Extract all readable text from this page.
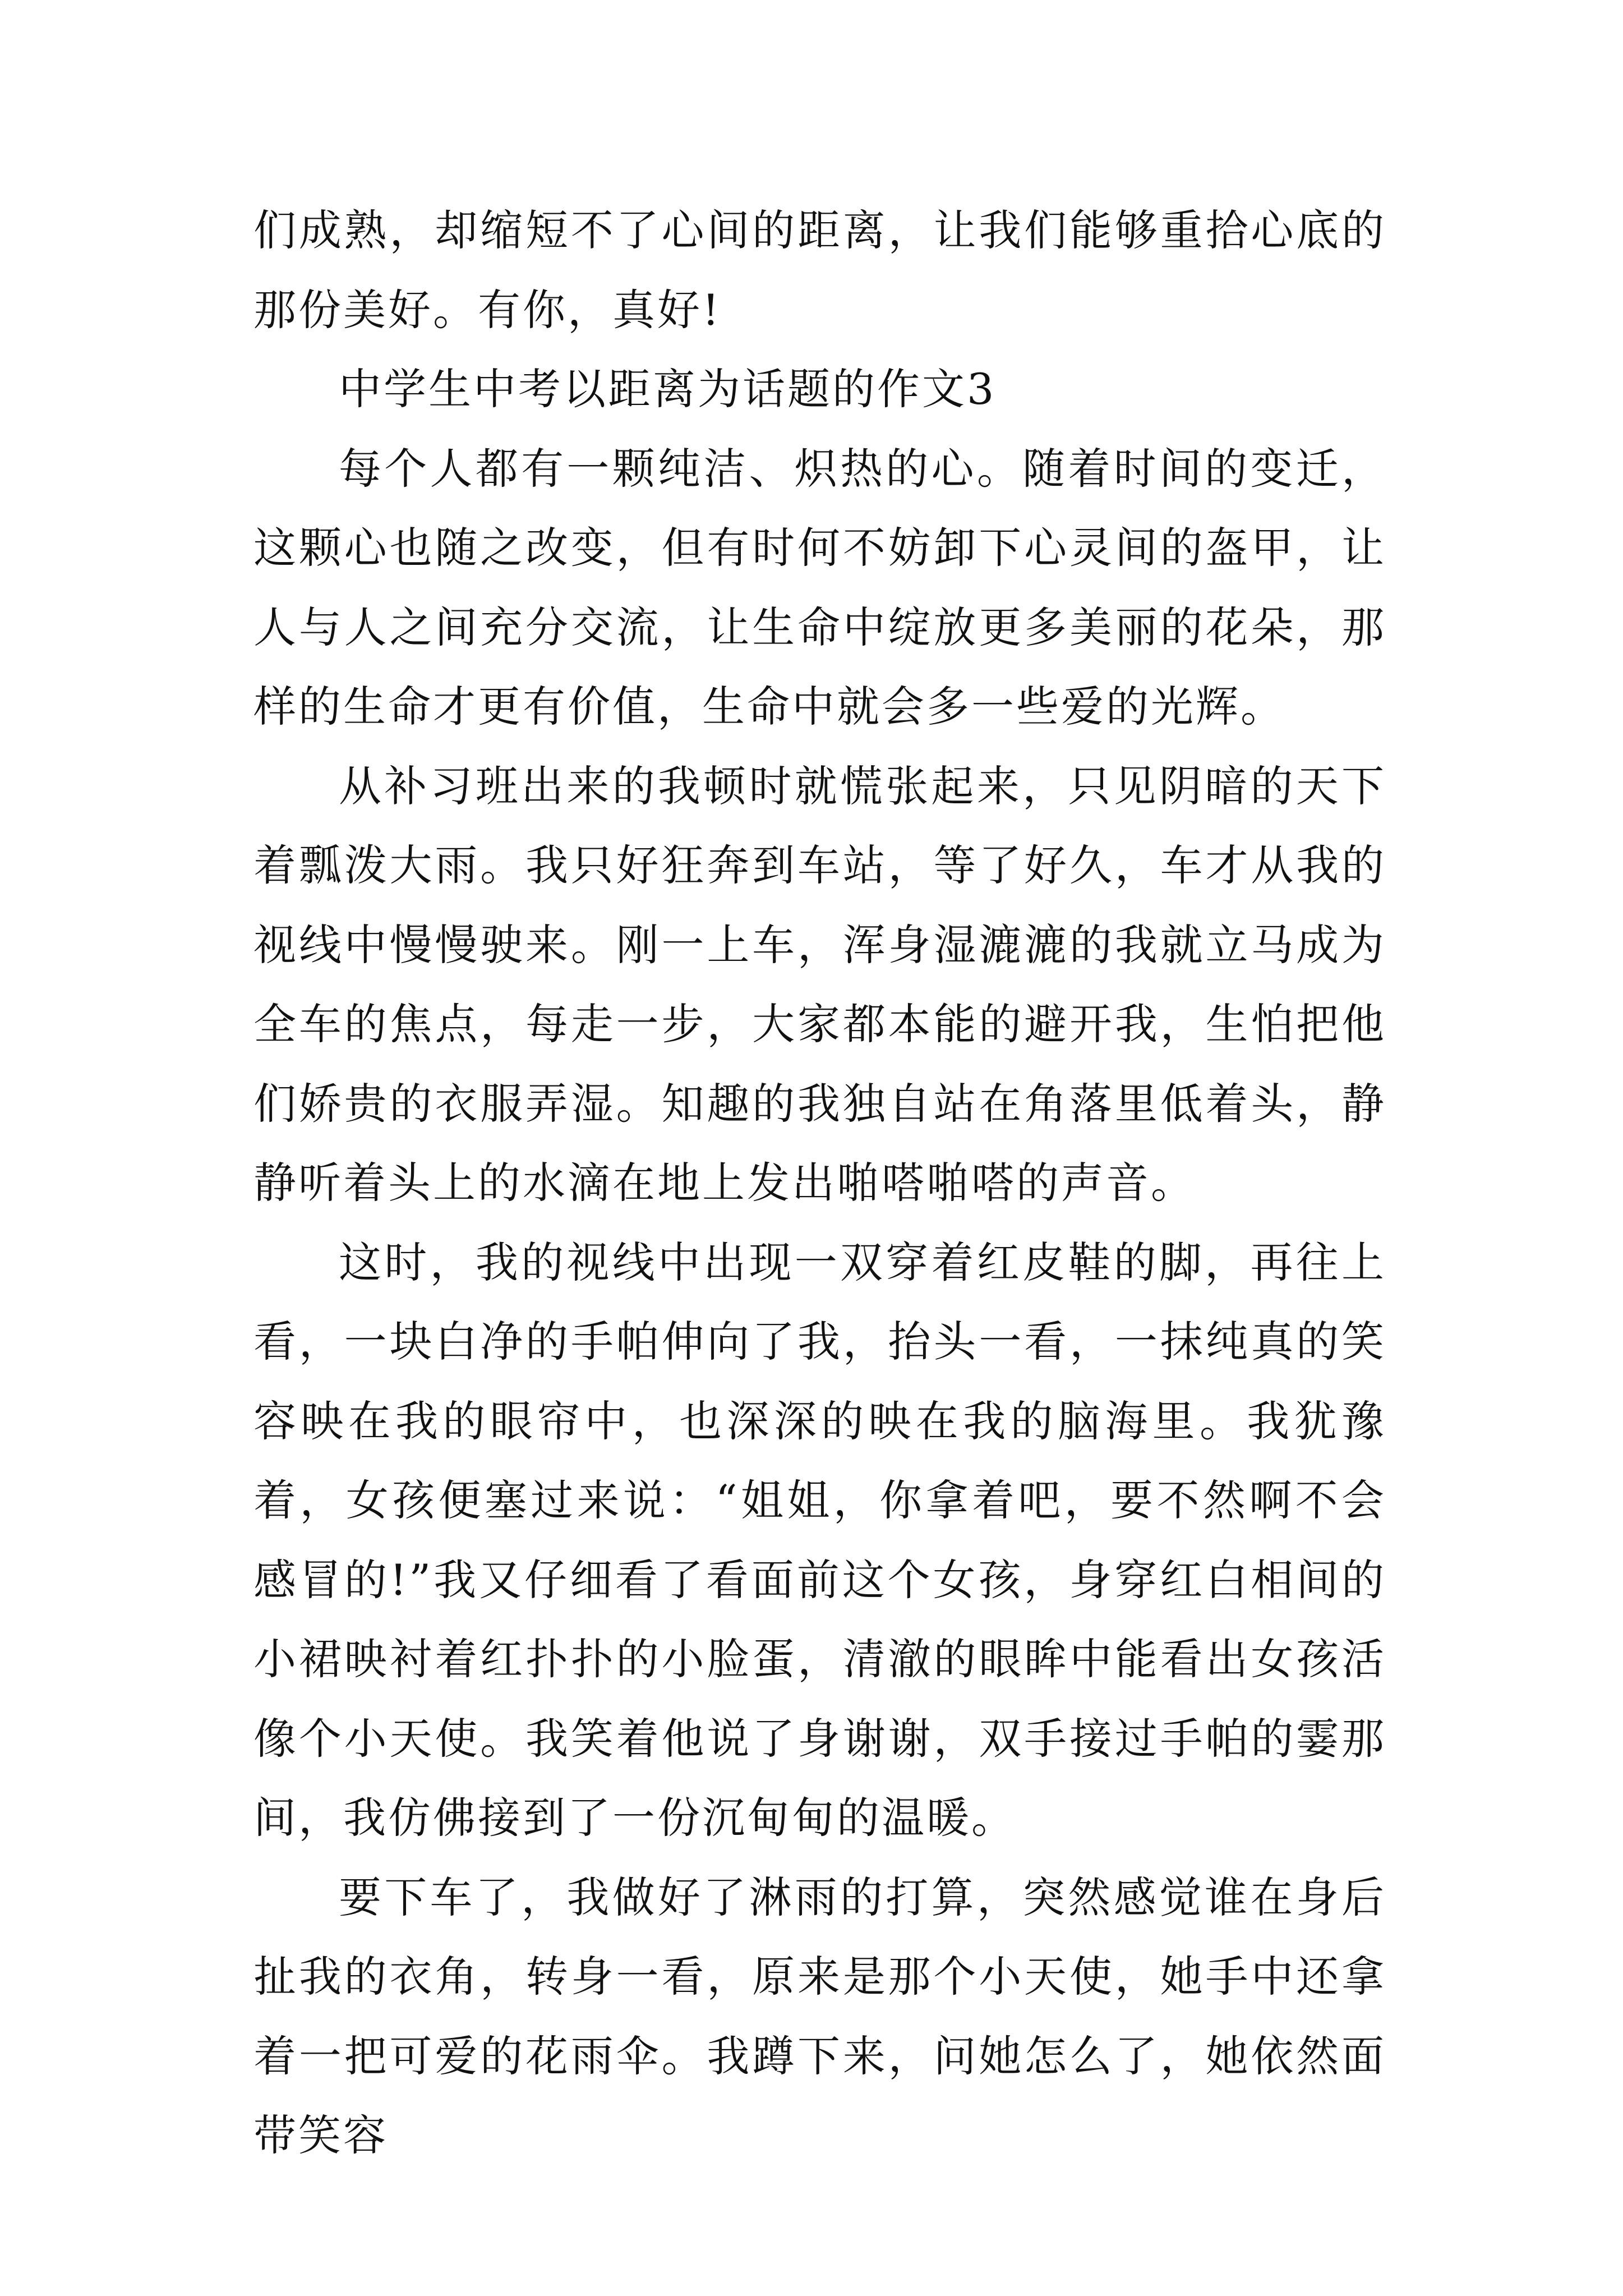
们成熟，却缩短不了心间的距离，让我们能够重拾心底的那份美好。有你，真好!

中学生中考以距离为话题的作文3

每个人都有一颗纯洁、炽热的心。随着时间的变迁，这颗心也随之改变，但有时何不妨卸下心灵间的盔甲，让人与人之间充分交流，让生命中绽放更多美丽的花朵，那样的生命才更有价值，生命中就会多一些爱的光辉。

从补习班出来的我顿时就慌张起来，只见阴暗的天下着瓢泼大雨。我只好狂奔到车站，等了好久，车才从我的视线中慢慢驶来。刚一上车，浑身湿漉漉的我就立马成为全车的焦点，每走一步，大家都本能的避开我，生怕把他们娇贵的衣服弄湿。知趣的我独自站在角落里低着头，静静听着头上的水滴在地上发出啪嗒啪嗒的声音。

这时，我的视线中出现一双穿着红皮鞋的脚，再往上看，一块白净的手帕伸向了我，抬头一看，一抹纯真的笑容映在我的眼帘中，也深深的映在我的脑海里。我犹豫着，女孩便塞过来说：“姐姐，你拿着吧，要不然啊不会感冒的!”我又仔细看了看面前这个女孩，身穿红白相间的小裙映衬着红扑扑的小脸蛋，清澈的眼眸中能看出女孩活像个小天使。我笑着他说了身谢谢，双手接过手帕的霎那间，我仿佛接到了一份沉甸甸的温暖。

要下车了，我做好了淋雨的打算，突然感觉谁在身后扯我的衣角，转身一看，原来是那个小天使，她手中还拿着一把可爱的花雨伞。我蹲下来，问她怎么了，她依然面带笑容
